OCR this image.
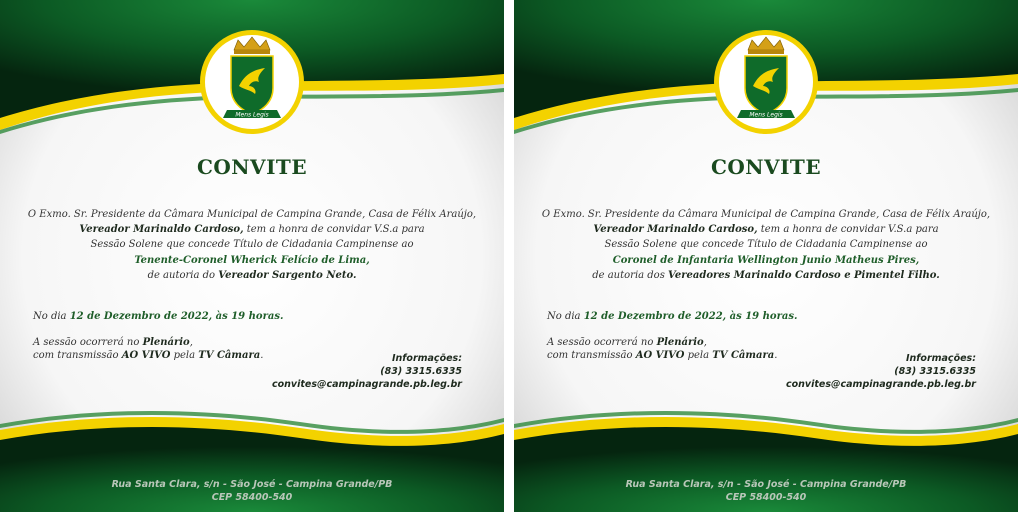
Mens Legis
CONVITE
O Exmo. Sr. Presidente da Câmara Municipal de Campina Grande, Casa de Félix Araújo,
Vereador Marinaldo Cardoso, tem a honra de convidar V.S.a para
Sessão Solene que concede Título de Cidadania Campinense ao
Tenente-Coronel Wherick Felício de Lima,
de autoria do Vereador Sargento Neto.
No dia 12 de Dezembro de 2022, às 19 horas.
A sessão ocorrerá no Plenário,
com transmissão AO VIVO pela TV Câmara.	Informações:
(83) 3315.6335
convites@campinagrande.pb.leg.br
Rua Santa Clara, s/n - São José - Campina Grande/PB
CEP 58400-540
Mens Legis
CONVITE
O Exmo. Sr. Presidente da Câmara Municipal de Campina Grande, Casa de Félix Araújo,
Vereador Marinaldo Cardoso, tem a honra de convidar V.S.a para
Sessão Solene que concede Título de Cidadania Campinense ao
Coronel de Infantaria Wellington Junio Matheus Pires,
de autoria dos Vereadores Marinaldo Cardoso e Pimentel Filho.
No dia 12 de Dezembro de 2022, às 19 horas.
A sessão ocorrerá no Plenário,
com transmissão AO VIVO pela TV Câmara.	Informações:
(83) 3315.6335
convites@campinagrande.pb.leg.br
Rua Santa Clara, s/n - São José - Campina Grande/PB
CEP 58400-540
